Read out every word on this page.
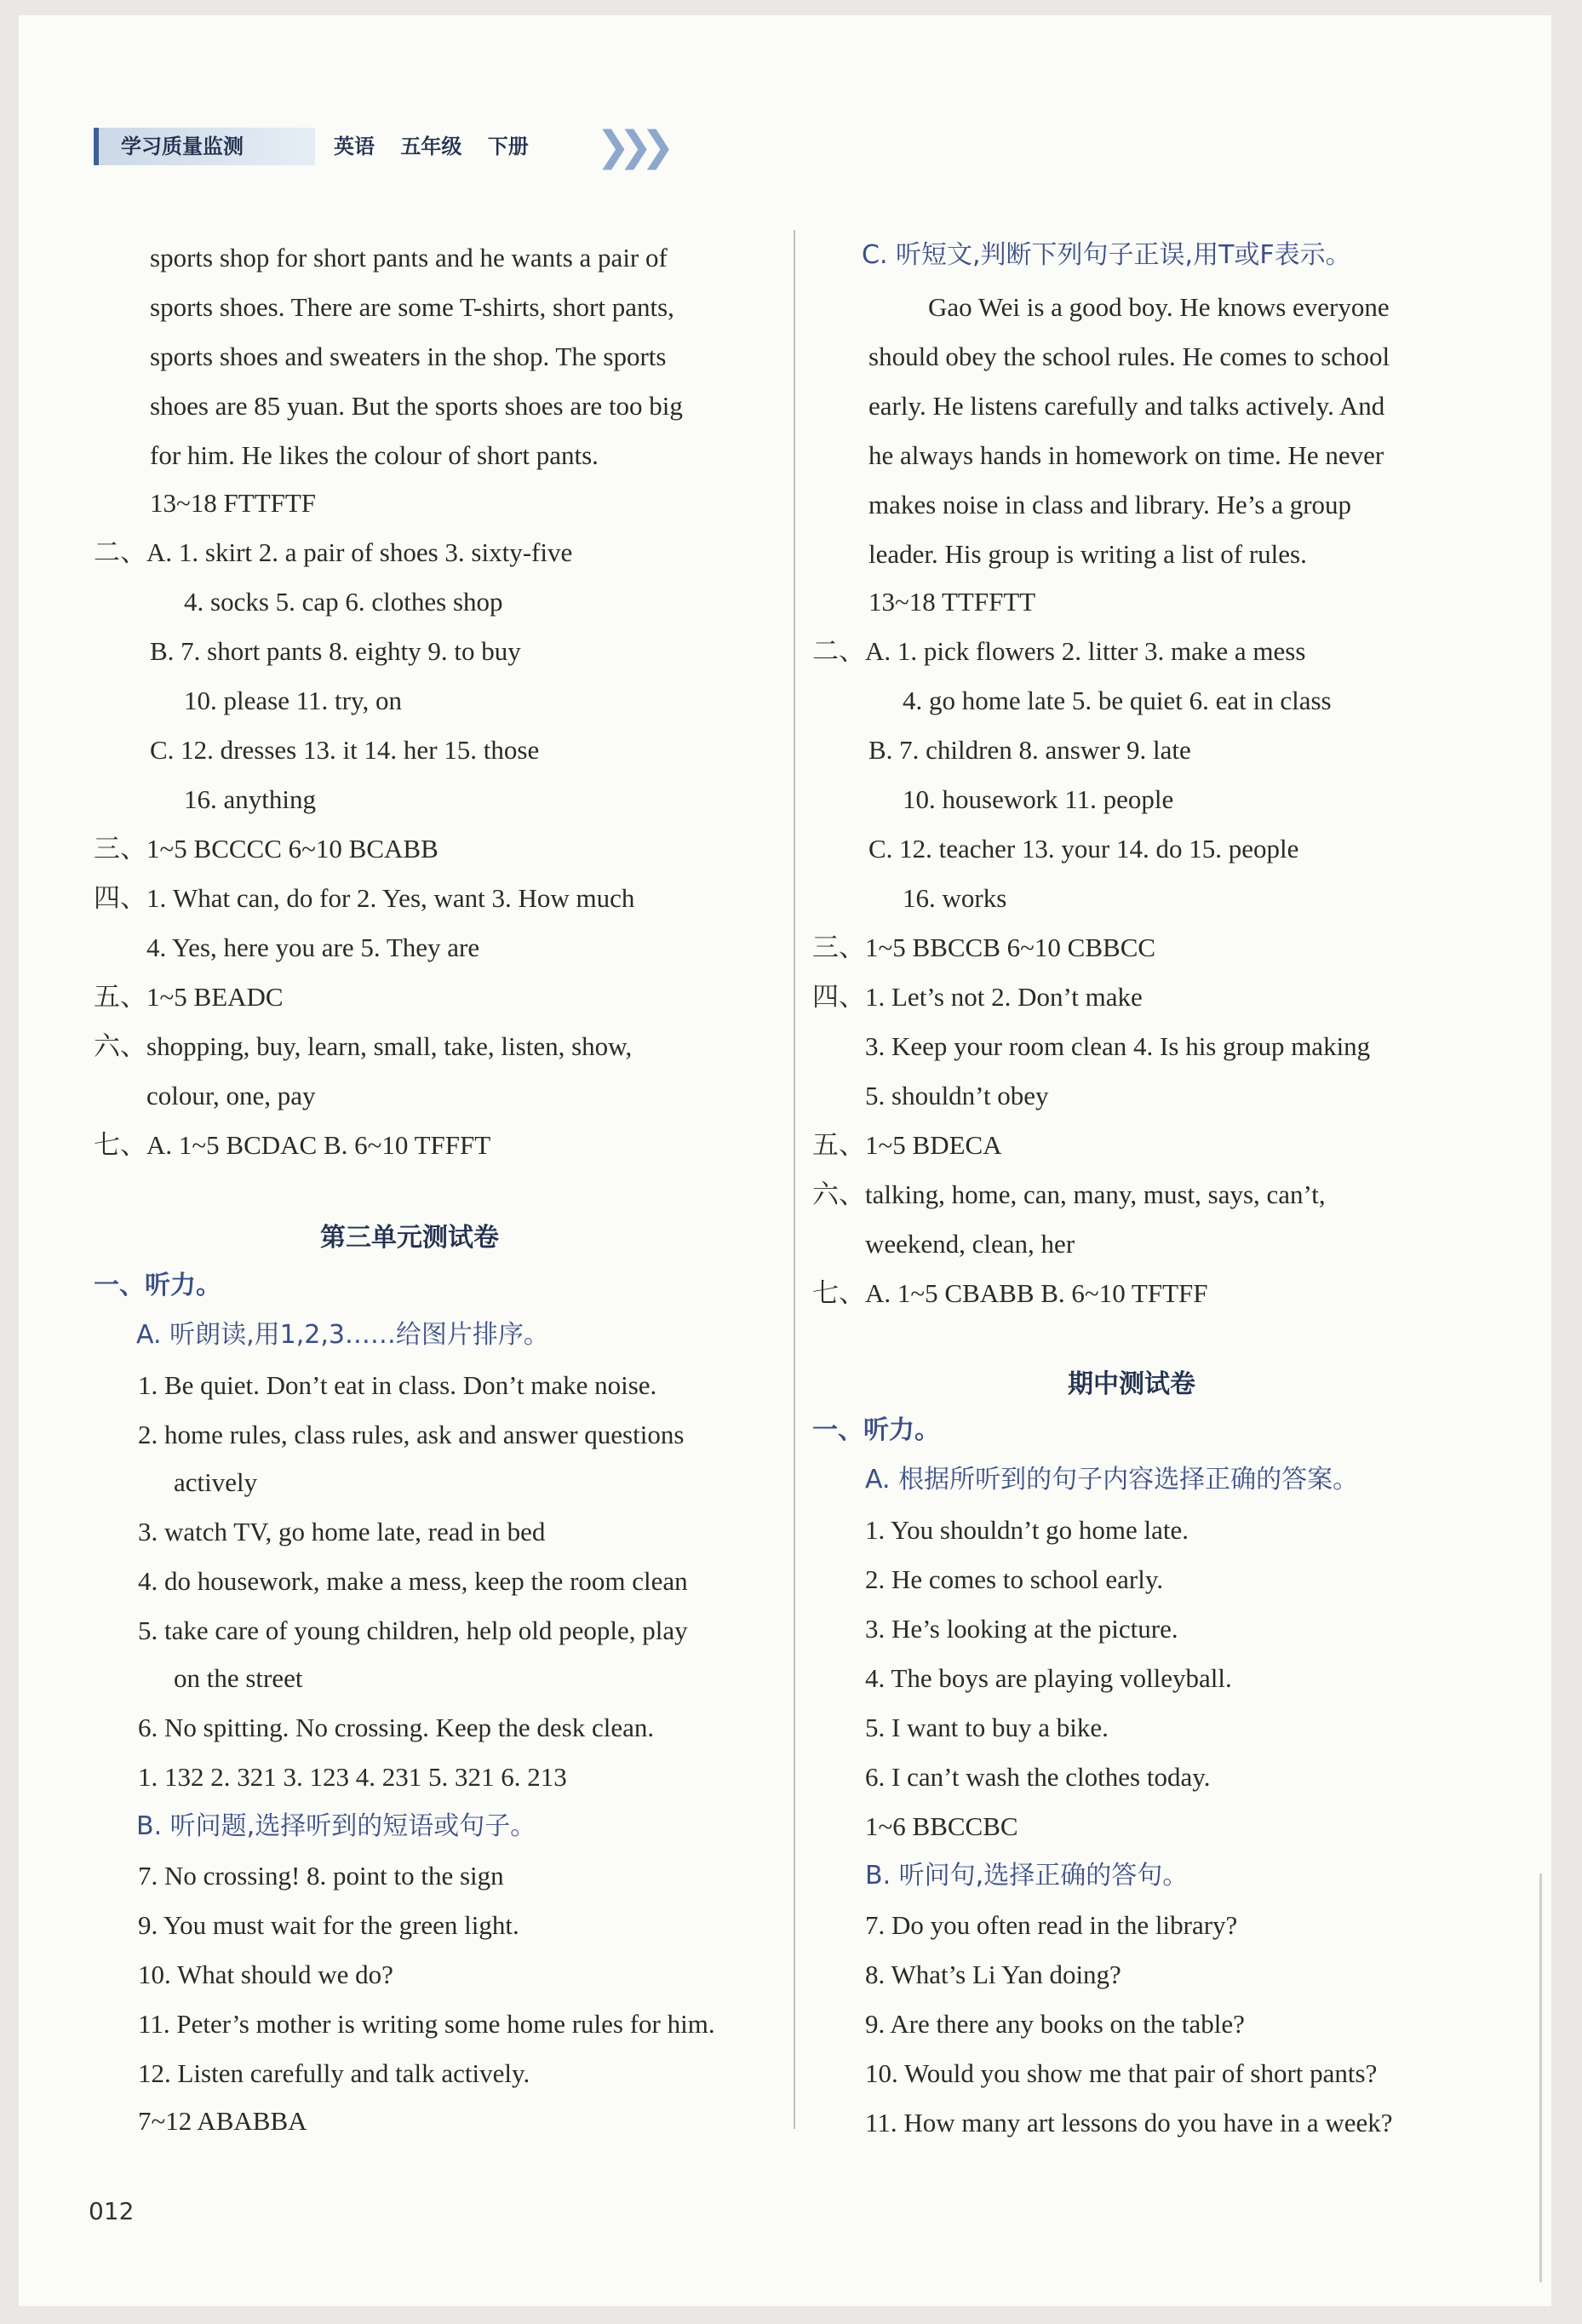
学习质量监测	英语 五年级 下册 ❯❯❯
sports shop for short pants and he wants a pair of
sports shoes. There are some T-shirts, short pants,
sports shoes and sweaters in the shop. The sports
shoes are 85 yuan. But the sports shoes are too big
for him. He likes the colour of short pants.
13~18 FTTFTF
二、A. 1. skirt 2. a pair of shoes 3. sixty-five
4. socks 5. cap 6. clothes shop
B. 7. short pants 8. eighty 9. to buy
10. please 11. try, on
C. 12. dresses 13. it 14. her 15. those
16. anything
三、1~5 BCCCC 6~10 BCABB
四、1. What can, do for 2. Yes, want 3. How much
4. Yes, here you are 5. They are
五、1~5 BEADC
六、shopping, buy, learn, small, take, listen, show,
colour, one, pay
七、A. 1~5 BCDAC B. 6~10 TFFFT
第三单元测试卷
一、听力。
A. 听朗读,用1,2,3……给图片排序。
1. Be quiet. Don’t eat in class. Don’t make noise.
2. home rules, class rules, ask and answer questions
actively
3. watch TV, go home late, read in bed
4. do housework, make a mess, keep the room clean
5. take care of young children, help old people, play
on the street
6. No spitting. No crossing. Keep the desk clean.
1. 132 2. 321 3. 123 4. 231 5. 321 6. 213
B. 听问题,选择听到的短语或句子。
7. No crossing! 8. point to the sign
9. You must wait for the green light.
10. What should we do?
11. Peter’s mother is writing some home rules for him.
12. Listen carefully and talk actively.
7~12 ABABBA
C. 听短文,判断下列句子正误,用T或F表示。
Gao Wei is a good boy. He knows everyone
should obey the school rules. He comes to school
early. He listens carefully and talks actively. And
he always hands in homework on time. He never
makes noise in class and library. He’s a group
leader. His group is writing a list of rules.
13~18 TTFFTT
二、A. 1. pick flowers 2. litter 3. make a mess
4. go home late 5. be quiet 6. eat in class
B. 7. children 8. answer 9. late
10. housework 11. people
C. 12. teacher 13. your 14. do 15. people
16. works
三、1~5 BBCCB 6~10 CBBCC
四、1. Let’s not 2. Don’t make
3. Keep your room clean 4. Is his group making
5. shouldn’t obey
五、1~5 BDECA
六、talking, home, can, many, must, says, can’t,
weekend, clean, her
七、A. 1~5 CBABB B. 6~10 TFTFF
期中测试卷
一、听力。
A. 根据所听到的句子内容选择正确的答案。
1. You shouldn’t go home late.
2. He comes to school early.
3. He’s looking at the picture.
4. The boys are playing volleyball.
5. I want to buy a bike.
6. I can’t wash the clothes today.
1~6 BBCCBC
B. 听问句,选择正确的答句。
7. Do you often read in the library?
8. What’s Li Yan doing?
9. Are there any books on the table?
10. Would you show me that pair of short pants?
11. How many art lessons do you have in a week?
012
